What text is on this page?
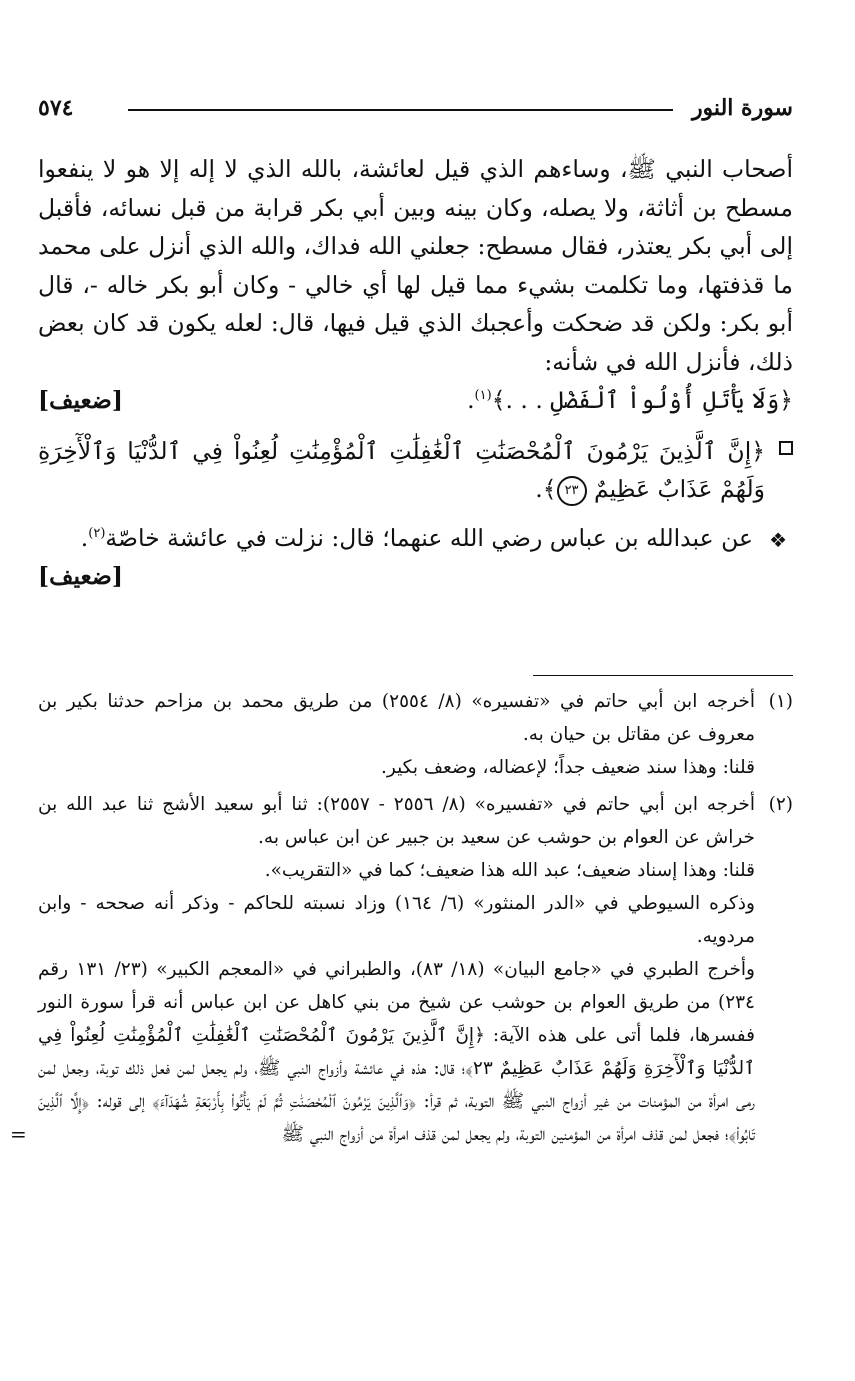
سورة النور
٥٧٤

أصحاب النبي ﷺ، وساءهم الذي قيل لعائشة، بالله الذي لا إله إلا هو لا ينفعوا مسطح بن أثاثة، ولا يصله، وكان بينه وبين أبي بكر قرابة من قبل نسائه، فأقبل إلى أبي بكر يعتذر، فقال مسطح: جعلني الله فداك، والله الذي أنزل على محمد ما قذفتها، وما تكلمت بشيء مما قيل لها أي خالي - وكان أبو بكر خاله -، قال أبو بكر: ولكن قد ضحكت وأعجبك الذي قيل فيها، قال: لعله يكون قد كان بعض ذلك، فأنزل الله في شأنه:
﴿وَلَا يَأْتَلِ أُوْلُواْ ٱلْفَضْلِ . . .﴾$^{(١)}$.
[ضعيف]

﴿إِنَّ ٱلَّذِينَ يَرْمُونَ ٱلْمُحْصَنَٰتِ ٱلْغَٰفِلَٰتِ ٱلْمُؤْمِنَٰتِ لُعِنُواْ فِي ٱلدُّنْيَا وَٱلْأٓخِرَةِ وَلَهُمْ عَذَابٌ عَظِيمٌ ٢٣﴾.
❖
عن عبدالله بن عباس رضي الله عنهما؛ قال: نزلت في عائشة خاصّة$^{(٢)}$.
[ضعيف]
(١)

أخرجه ابن أبي حاتم في «تفسيره» (٨/ ٢٥٥٤) من طريق محمد بن مزاحم حدثنا بكير بن معروف عن مقاتل بن حيان به.

قلنا: وهذا سند ضعيف جداً؛ لإعضاله، وضعف بكير.

(٢)

أخرجه ابن أبي حاتم في «تفسيره» (٨/ ٢٥٥٦ - ٢٥٥٧): ثنا أبو سعيد الأشج ثنا عبد الله بن خراش عن العوام بن حوشب عن سعيد بن جبير عن ابن عباس به.

قلنا: وهذا إسناد ضعيف؛ عبد الله هذا ضعيف؛ كما في «التقريب».

وذكره السيوطي في «الدر المنثور» (٦/ ١٦٤) وزاد نسبته للحاكم - وذكر أنه صححه - وابن مردويه.

وأخرج الطبري في «جامع البيان» (١٨/ ٨٣)، والطبراني في «المعجم الكبير» (٢٣/ ١٣١ رقم ٢٣٤) من طريق العوام بن حوشب عن شيخ من بني كاهل عن ابن عباس أنه قرأ سورة النور ففسرها، فلما أتى على هذه الآية: ﴿إِنَّ ٱلَّذِينَ يَرْمُونَ ٱلْمُحْصَنَٰتِ ٱلْغَٰفِلَٰتِ ٱلْمُؤْمِنَٰتِ لُعِنُواْ فِي ٱلدُّنْيَا وَٱلْأٓخِرَةِ وَلَهُمْ عَذَابٌ عَظِيمٌ ٢٣﴾؛ قال: هذه في عائشة وأزواج النبي ﷺ، ولم يجعل لمن فعل ذلك توبة، وجعل لمن رمى امرأة من المؤمنات من غير أزواج النبي ﷺ التوبة، ثم قرأ: ﴿وَٱلَّذِينَ يَرْمُونَ ٱلْمُحْصَنَٰتِ ثُمَّ لَمْ يَأْتُواْ بِأَرْبَعَةِ شُهَدَآءَ﴾ إلى قوله: ﴿إِلَّا ٱلَّذِينَ تَابُواْ﴾؛ فجعل لمن قذف امرأة من المؤمنين التوبة، ولم يجعل لمن قذف امرأة من أزواج النبي ﷺ
=
